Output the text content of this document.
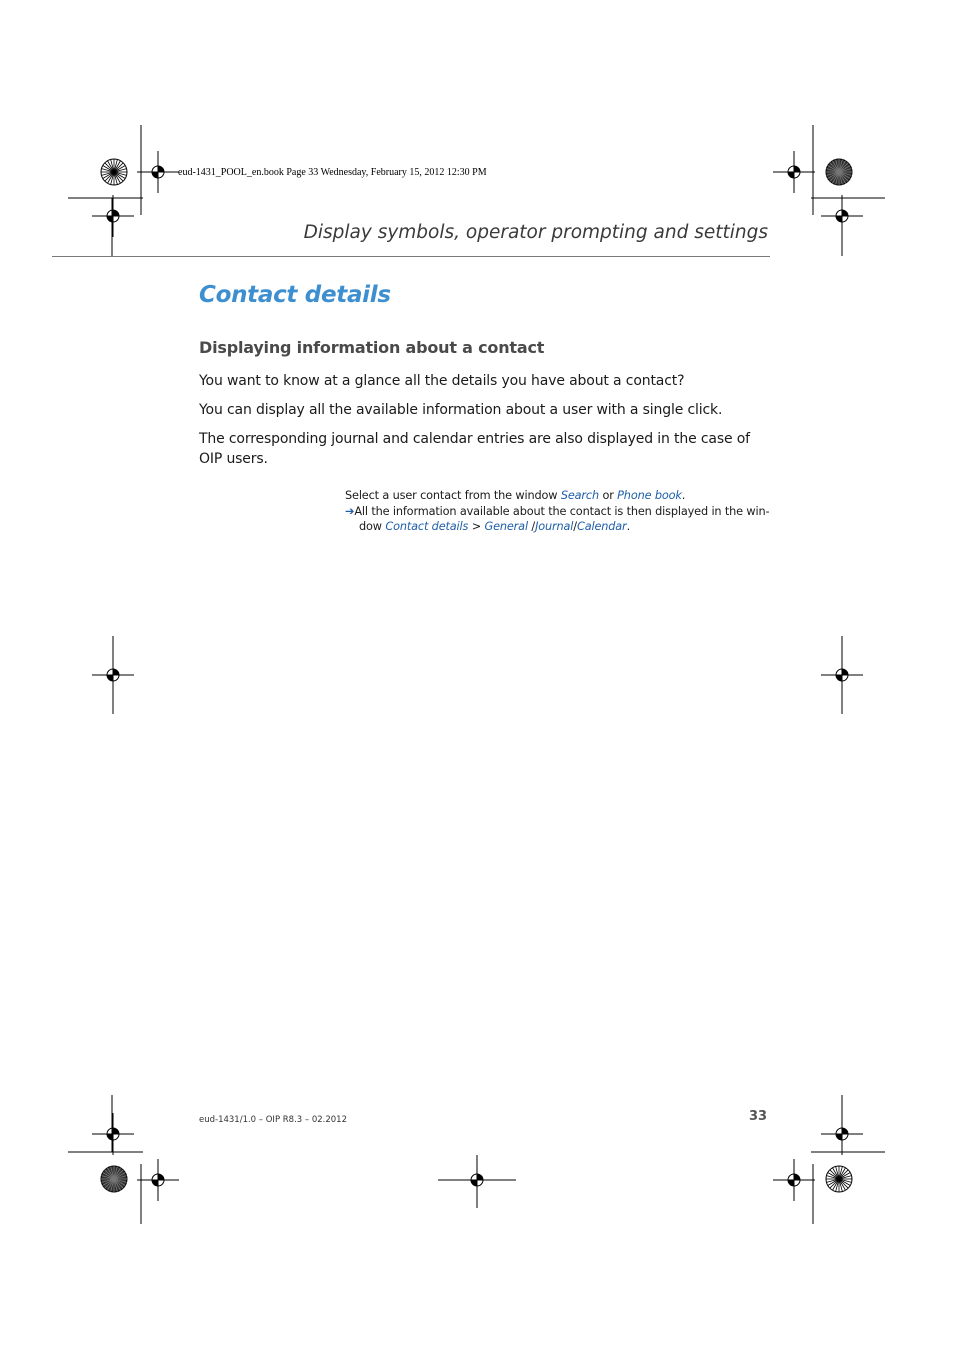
eud-1431_POOL_en.book Page 33 Wednesday, February 15, 2012 12:30 PM
Display symbols, operator prompting and settings
Contact details
Displaying information about a contact
You want to know at a glance all the details you have about a contact?
You can display all the available information about a user with a single click.
The corresponding journal and calendar entries are also displayed in the case of OIP users.
Select a user contact from the window Search or Phone book.
➔All the information available about the contact is then displayed in the win-
dow Contact details > General /Journal/Calendar.
eud-1431/1.0 – OIP R8.3 – 02.2012	33
